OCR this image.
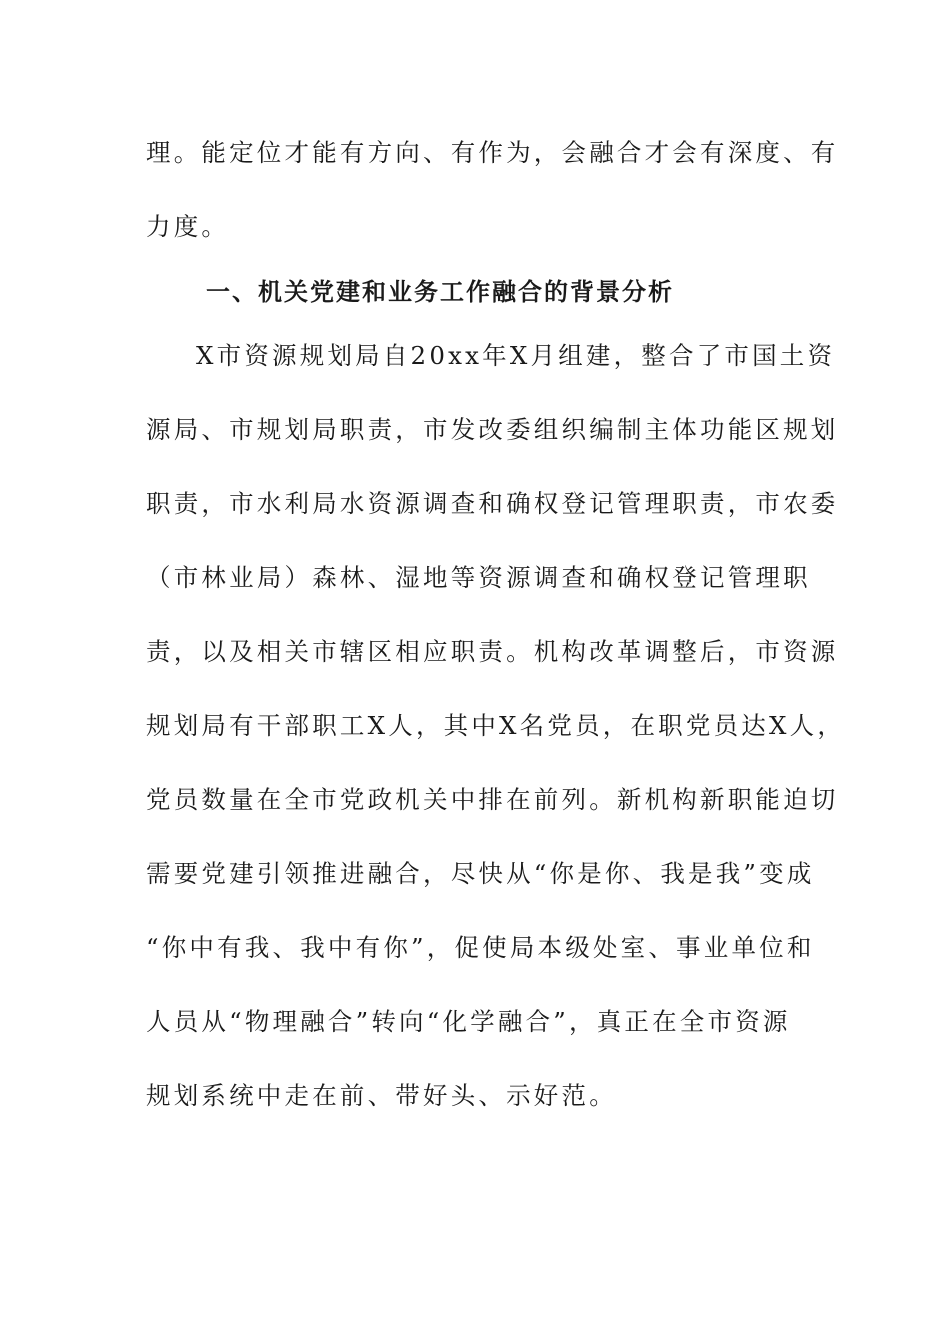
理。能定位才能有方向、有作为，会融合才会有深度、有
力度。
一、机关党建和业务工作融合的背景分析
X市资源规划局自20xx年X月组建，整合了市国土资
源局、市规划局职责，市发改委组织编制主体功能区规划
职责，市水利局水资源调查和确权登记管理职责，市农委
（市林业局）森林、湿地等资源调查和确权登记管理职
责，以及相关市辖区相应职责。机构改革调整后，市资源
规划局有干部职工X人，其中X名党员，在职党员达X人，
党员数量在全市党政机关中排在前列。新机构新职能迫切
需要党建引领推进融合，尽快从“你是你、我是我”变成
“你中有我、我中有你”，促使局本级处室、事业单位和
人员从“物理融合”转向“化学融合”，真正在全市资源
规划系统中走在前、带好头、示好范。
